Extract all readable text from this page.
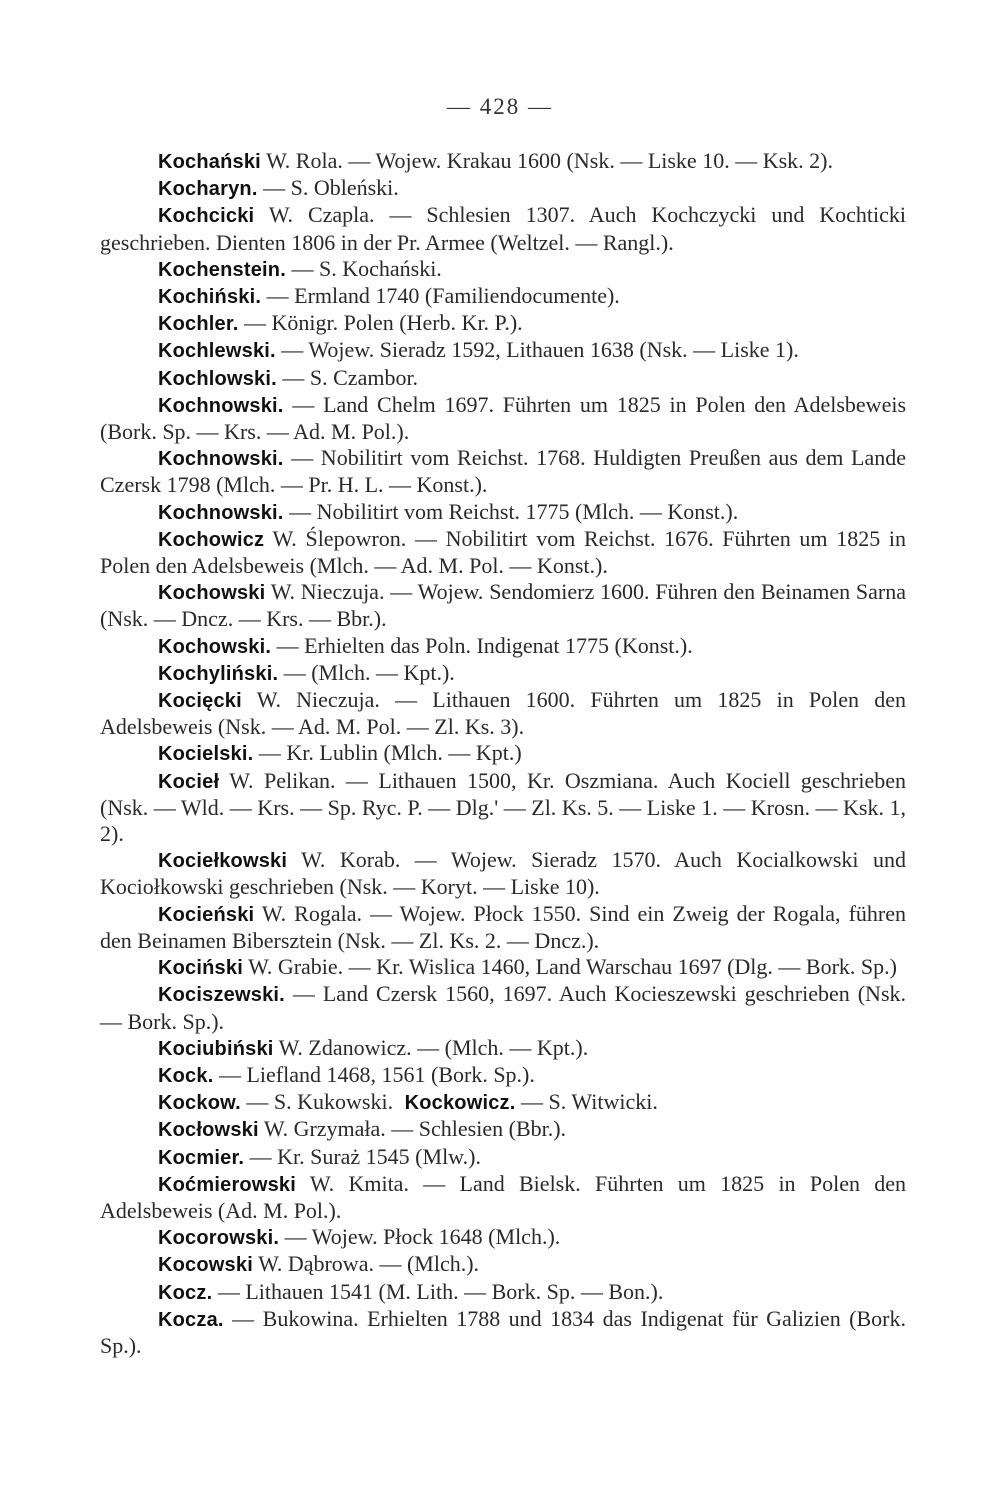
— 428 —

Kochański W. Rola. — Wojew. Krakau 1600 (Nsk. — Liske 10. — Ksk. 2).

Kocharyn. — S. Obleński.

Kochcicki W. Czapla. — Schlesien 1307. Auch Kochczycki und Kochticki geschrieben. Dienten 1806 in der Pr. Armee (Weltzel. — Rangl.).

Kochenstein. — S. Kochański.

Kochiński. — Ermland 1740 (Familiendocumente).

Kochler. — Königr. Polen (Herb. Kr. P.).

Kochlewski. — Wojew. Sieradz 1592, Lithauen 1638 (Nsk. — Liske 1).

Kochlowski. — S. Czambor.

Kochnowski. — Land Chelm 1697. Führten um 1825 in Polen den Adelsbeweis (Bork. Sp. — Krs. — Ad. M. Pol.).

Kochnowski. — Nobilitirt vom Reichst. 1768. Huldigten Preußen aus dem Lande Czersk 1798 (Mlch. — Pr. H. L. — Konst.).

Kochnowski. — Nobilitirt vom Reichst. 1775 (Mlch. — Konst.).

Kochowicz W. Ślepowron. — Nobilitirt vom Reichst. 1676. Führten um 1825 in Polen den Adelsbeweis (Mlch. — Ad. M. Pol. — Konst.).

Kochowski W. Nieczuja. — Wojew. Sendomierz 1600. Führen den Beinamen Sarna (Nsk. — Dncz. — Krs. — Bbr.).

Kochowski. — Erhielten das Poln. Indigenat 1775 (Konst.).

Kochyliński. — (Mlch. — Kpt.).

Kocięcki W. Nieczuja. — Lithauen 1600. Führten um 1825 in Polen den Adelsbeweis (Nsk. — Ad. M. Pol. — Zl. Ks. 3).

Kocielski. — Kr. Lublin (Mlch. — Kpt.)

Kocieł W. Pelikan. — Lithauen 1500, Kr. Oszmiana. Auch Kociell geschrieben (Nsk. — Wld. — Krs. — Sp. Ryc. P. — Dlg.' — Zl. Ks. 5. — Liske 1. — Krosn. — Ksk. 1, 2).

Kociełkowski W. Korab. — Wojew. Sieradz 1570. Auch Kocialkowski und Kociołkowski geschrieben (Nsk. — Koryt. — Liske 10).

Kocieński W. Rogala. — Wojew. Płock 1550. Sind ein Zweig der Rogala, führen den Beinamen Bibersztein (Nsk. — Zl. Ks. 2. — Dncz.).

Kociński W. Grabie. — Kr. Wislica 1460, Land Warschau 1697 (Dlg. — Bork. Sp.)

Kociszewski. — Land Czersk 1560, 1697. Auch Kocieszewski geschrieben (Nsk. — Bork. Sp.).

Kociubiński W. Zdanowicz. — (Mlch. — Kpt.).

Kock. — Liefland 1468, 1561 (Bork. Sp.).

Kockow. — S. Kukowski. Kockowicz. — S. Witwicki.

Kocłowski W. Grzymała. — Schlesien (Bbr.).

Kocmier. — Kr. Suraż 1545 (Mlw.).

Koćmierowski W. Kmita. — Land Bielsk. Führten um 1825 in Polen den Adelsbeweis (Ad. M. Pol.).

Kocorowski. — Wojew. Płock 1648 (Mlch.).

Kocowski W. Dąbrowa. — (Mlch.).

Kocz. — Lithauen 1541 (M. Lith. — Bork. Sp. — Bon.).

Kocza. — Bukowina. Erhielten 1788 und 1834 das Indigenat für Galizien (Bork. Sp.).
